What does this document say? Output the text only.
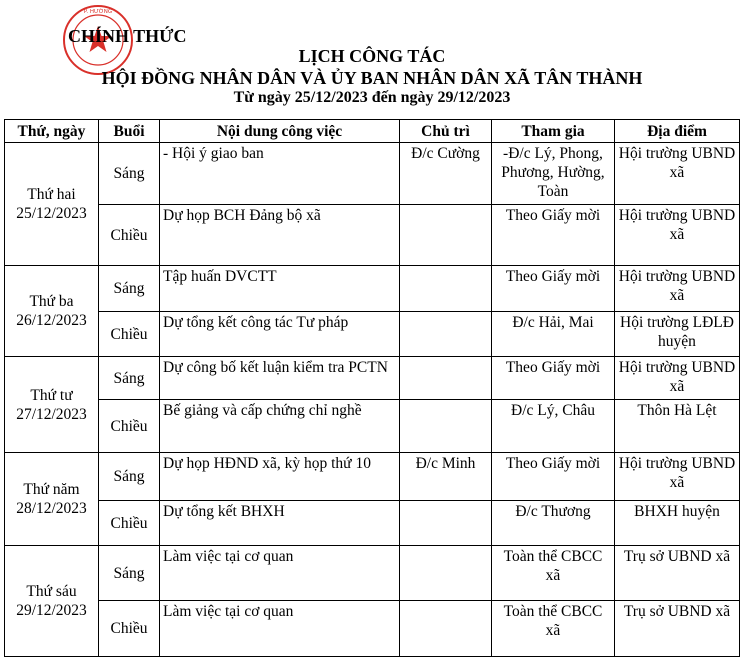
P. HƯỜNG
CHÍNH THỨC
LỊCH CÔNG TÁC
HỘI ĐỒNG NHÂN DÂN VÀ ỦY BAN NHÂN DÂN XÃ TÂN THÀNH
Từ ngày 25/12/2023 đến ngày 29/12/2023
Thứ, ngày	Buổi	Nội dung công việc	Chủ trì	Tham gia	Địa điểm

Thứ hai
25/12/2023	Sáng	- Hội ý giao ban	Đ/c Cường	-Đ/c Lý, Phong, Phương, Hường, Toàn	Hội trường UBND xã
	Chiều	Dự họp BCH Đảng bộ xã		Theo Giấy mời	Hội trường UBND xã

Thứ ba
26/12/2023	Sáng	Tập huấn DVCTT		Theo Giấy mời	Hội trường UBND xã
	Chiều	Dự tổng kết công tác Tư pháp		Đ/c Hải, Mai	Hội trường LĐLĐ huyện

Thứ tư
27/12/2023	Sáng	Dự công bố kết luận kiểm tra PCTN		Theo Giấy mời	Hội trường UBND xã
	Chiều	Bế giảng và cấp chứng chỉ nghề		Đ/c Lý, Châu	Thôn Hà Lệt

Thứ năm
28/12/2023	Sáng	Dự họp HĐND xã, kỳ họp thứ 10	Đ/c Minh	Theo Giấy mời	Hội trường UBND xã
	Chiều	Dự tổng kết BHXH		Đ/c Thương	BHXH huyện

Thứ sáu
29/12/2023	Sáng	Làm việc tại cơ quan		Toàn thể CBCC xã	Trụ sở UBND xã
	Chiều	Làm việc tại cơ quan		Toàn thể CBCC xã	Trụ sở UBND xã
